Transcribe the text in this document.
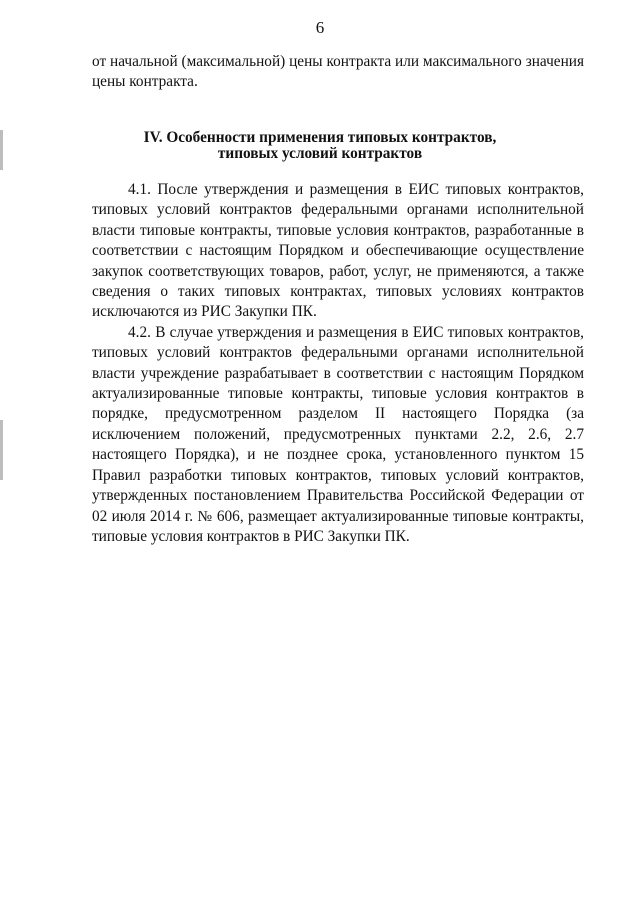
6

от начальной (максимальной) цены контракта или максимального значения цены контракта.

IV. Особенности применения типовых контрактов,
типовых условий контрактов

4.1. После утверждения и размещения в ЕИС типовых контрактов, типовых условий контрактов федеральными органами исполнительной власти типовые контракты, типовые условия контрактов, разработанные в соответствии с настоящим Порядком и обеспечивающие осуществление закупок соответствующих товаров, работ, услуг, не применяются, а также сведения о таких типовых контрактах, типовых условиях контрактов исключаются из РИС Закупки ПК.

4.2. В случае утверждения и размещения в ЕИС типовых контрактов, типовых условий контрактов федеральными органами исполнительной власти учреждение разрабатывает в соответствии с настоящим Порядком актуализированные типовые контракты, типовые условия контрактов в порядке, предусмотренном разделом II настоящего Порядка (за исключением положений, предусмотренных пунктами 2.2, 2.6, 2.7 настоящего Порядка), и не позднее срока, установленного пунктом 15 Правил разработки типовых контрактов, типовых условий контрактов, утвержденных постановлением Правительства Российской Федерации от 02 июля 2014 г. № 606, размещает актуализированные типовые контракты, типовые условия контрактов в РИС Закупки ПК.
